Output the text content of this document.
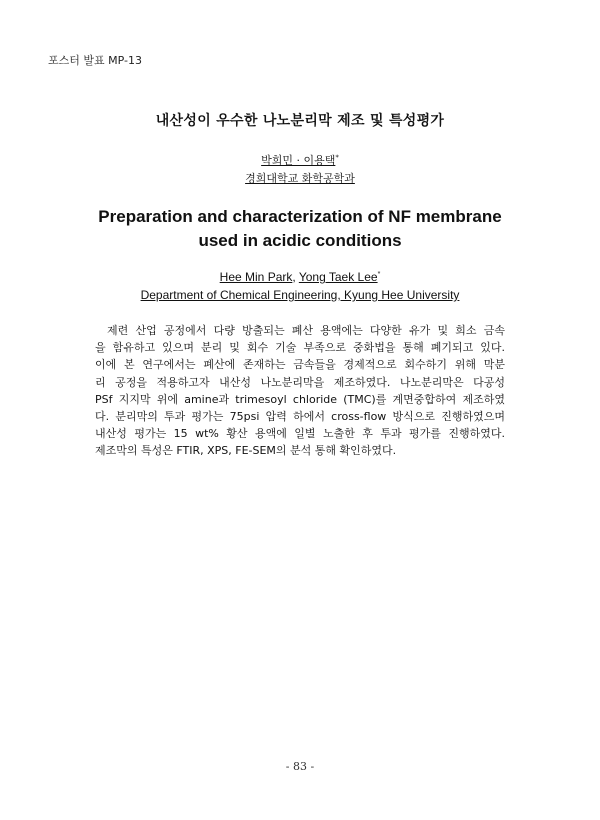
포스터 발표 MP-13
내산성이 우수한 나노분리막 제조 및 특성평가
박희민 · 이용택*
경희대학교 화학공학과
Preparation and characterization of NF membrane used in acidic conditions
Hee Min Park, Yong Taek Lee*
Department of Chemical Engineering, Kyung Hee University
제련 산업 공정에서 다량 방출되는 폐산 용액에는 다양한 유가 및 희소 금속
을 함유하고 있으며 분리 및 회수 기술 부족으로 중화법을 통해 폐기되고 있다.
이에 본 연구에서는 폐산에 존재하는 금속들을 경제적으로 회수하기 위해 막분
리 공정을 적용하고자 내산성 나노분리막을 제조하였다. 나노분리막은 다공성
PSf 지지막 위에 amine과 trimesoyl chloride (TMC)를 계면중합하여 제조하였
다. 분리막의 투과 평가는 75psi 압력 하에서 cross-flow 방식으로 진행하였으며
내산성 평가는 15 wt% 황산 용액에 일별 노출한 후 투과 평가를 진행하였다.
제조막의 특성은 FTIR, XPS, FE-SEM의 분석 통해 확인하였다.
- 83 -
